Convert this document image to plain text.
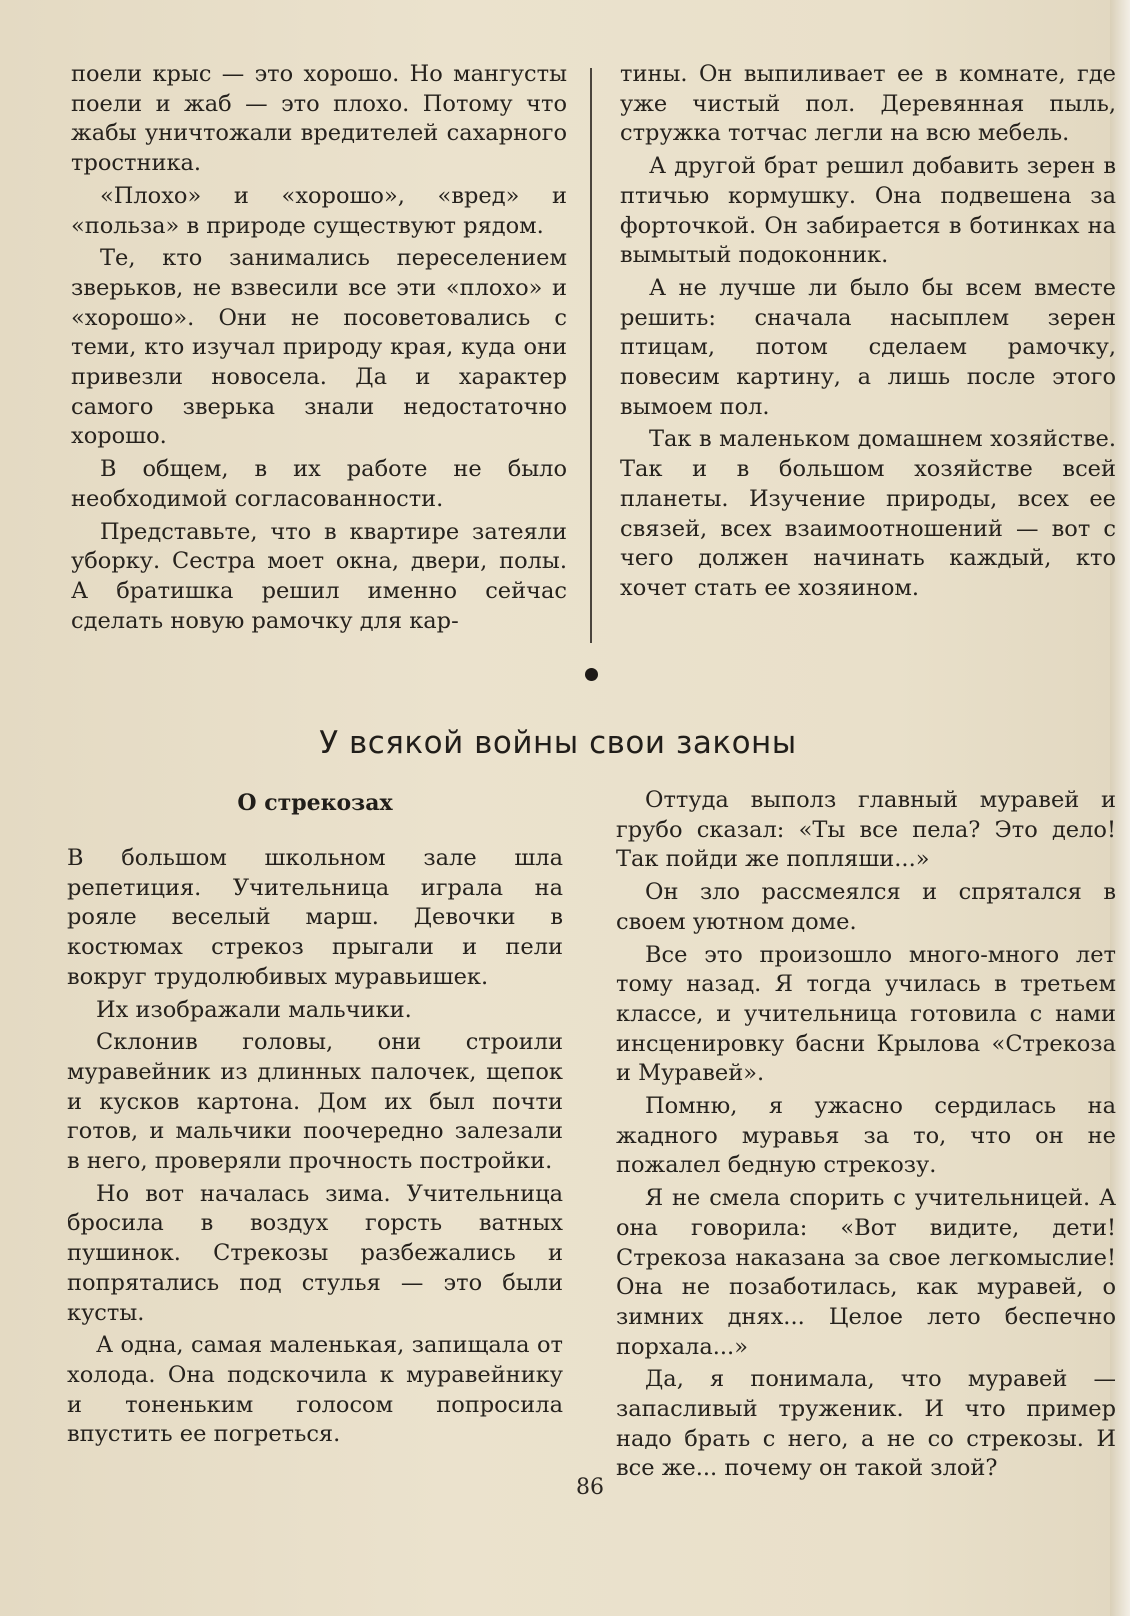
поели крыс — это хорошо. Но мангусты поели и жаб — это плохо. Потому что жабы уничтожали вредителей сахарного тростника.

«Плохо» и «хорошо», «вред» и «польза» в природе существуют рядом.

Те, кто занимались переселением зверьков, не взвесили все эти «плохо» и «хорошо». Они не посоветовались с теми, кто изучал природу края, куда они привезли новосела. Да и характер самого зверька знали недостаточно хорошо.

В общем, в их работе не было необходимой согласованности.

Представьте, что в квартире затеяли уборку. Сестра моет окна, двери, полы. А братишка решил именно сейчас сделать новую рамочку для кар-

тины. Он выпиливает ее в комнате, где уже чистый пол. Деревянная пыль, стружка тотчас легли на всю мебель.

А другой брат решил добавить зерен в птичью кормушку. Она подвешена за форточкой. Он забирается в ботинках на вымытый подоконник.

А не лучше ли было бы всем вместе решить: сначала насыплем зерен птицам, потом сделаем рамочку, повесим картину, а лишь после этого вымоем пол.

Так в маленьком домашнем хозяйстве. Так и в большом хозяйстве всей планеты. Изучение природы, всех ее связей, всех взаимоотношений — вот с чего должен начинать каждый, кто хочет стать ее хозяином.

У всякой войны свои законы
О стрекозах

В большом школьном зале шла репетиция. Учительница играла на рояле веселый марш. Девочки в костюмах стрекоз прыгали и пели вокруг трудолюбивых муравьишек.

Их изображали мальчики.

Склонив головы, они строили муравейник из длинных палочек, щепок и кусков картона. Дом их был почти готов, и мальчики поочередно залезали в него, проверяли прочность постройки.

Но вот началась зима. Учительница бросила в воздух горсть ватных пушинок. Стрекозы разбежались и попрятались под стулья — это были кусты.

А одна, самая маленькая, запищала от холода. Она подскочила к муравейнику и тоненьким голосом попросила впустить ее погреться.

Оттуда выполз главный муравей и грубо сказал: «Ты все пела? Это дело! Так пойди же попляши...»

Он зло рассмеялся и спрятался в своем уютном доме.

Все это произошло много-много лет тому назад. Я тогда училась в третьем классе, и учительница готовила с нами инсценировку басни Крылова «Стрекоза и Муравей».

Помню, я ужасно сердилась на жадного муравья за то, что он не пожалел бедную стрекозу.

Я не смела спорить с учительницей. А она говорила: «Вот видите, дети! Стрекоза наказана за свое легкомыслие! Она не позаботилась, как муравей, о зимних днях... Целое лето беспечно порхала...»

Да, я понимала, что муравей — запасливый труженик. И что пример надо брать с него, а не со стрекозы. И все же... почему он такой злой?

86
